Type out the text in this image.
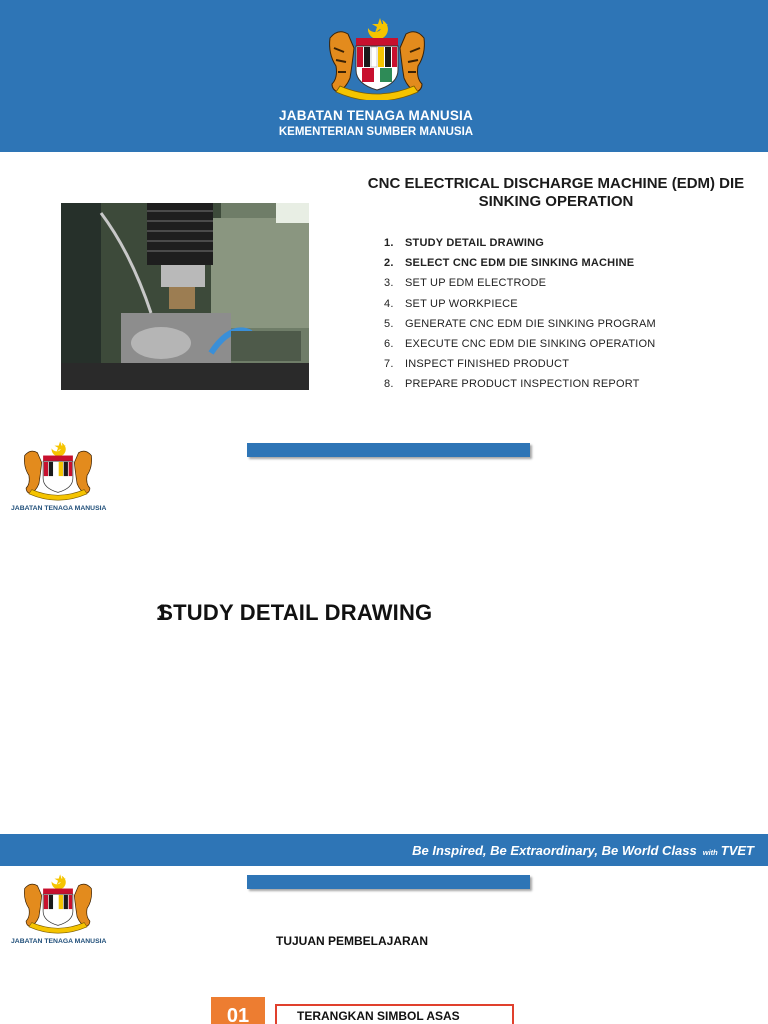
JABATAN TENAGA MANUSIA
KEMENTERIAN SUMBER MANUSIA
CNC ELECTRICAL DISCHARGE MACHINE (EDM) DIE SINKING OPERATION
1.	STUDY DETAIL DRAWING
2.	SELECT CNC EDM DIE SINKING MACHINE
3.	SET UP EDM ELECTRODE
4.	SET UP WORKPIECE
5.	GENERATE CNC EDM DIE SINKING PROGRAM
6.	EXECUTE CNC EDM DIE SINKING OPERATION
7.	INSPECT FINISHED PRODUCT
8.	PREPARE PRODUCT INSPECTION REPORT
JABATAN TENAGA MANUSIA
1STUDY DETAIL DRAWING
Be Inspired, Be Extraordinary, Be World Class with TVET
JABATAN TENAGA MANUSIA	TUJUAN PEMBELAJARAN
01	TERANGKAN SIMBOL ASAS
